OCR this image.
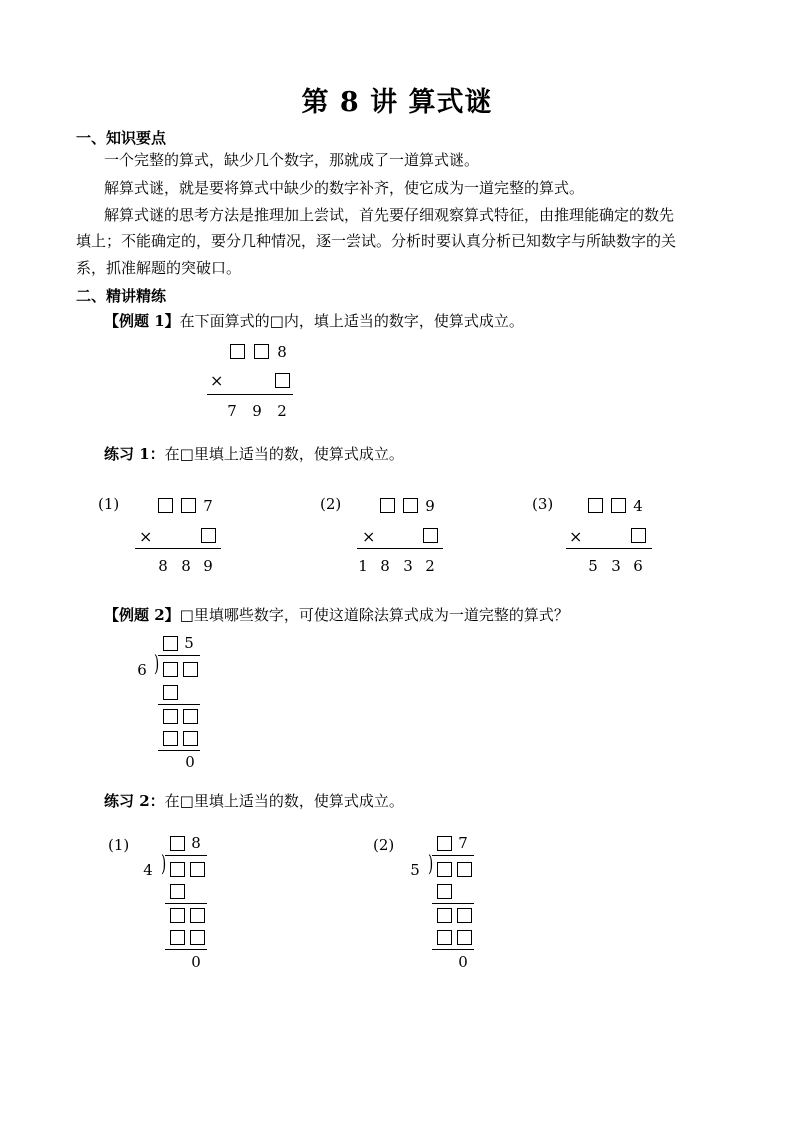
第 8 讲 算式谜
一、知识要点
一个完整的算式，缺少几个数字，那就成了一道算式谜。
解算式谜，就是要将算式中缺少的数字补齐，使它成为一道完整的算式。
解算式谜的思考方法是推理加上尝试，首先要仔细观察算式特征，由推理能确定的数先
填上；不能确定的，要分几种情况，逐一尝试。分析时要认真分析已知数字与所缺数字的关
系，抓准解题的突破口。
二、精讲精练
【例题 1】在下面算式的□内，填上适当的数字，使算式成立。
8
×
7 9 2
练习 1：在□里填上适当的数，使算式成立。
(1)	7
×
8 8 9
(2)	9
×
1 8 3 2
(3)	4
×
5 3 6
【例题 2】□里填哪些数字，可使这道除法算式成为一道完整的算式？
5
)
6
0
练习 2：在□里填上适当的数，使算式成立。
(1)	8
)
4
0
(2)	7
)
5
0
